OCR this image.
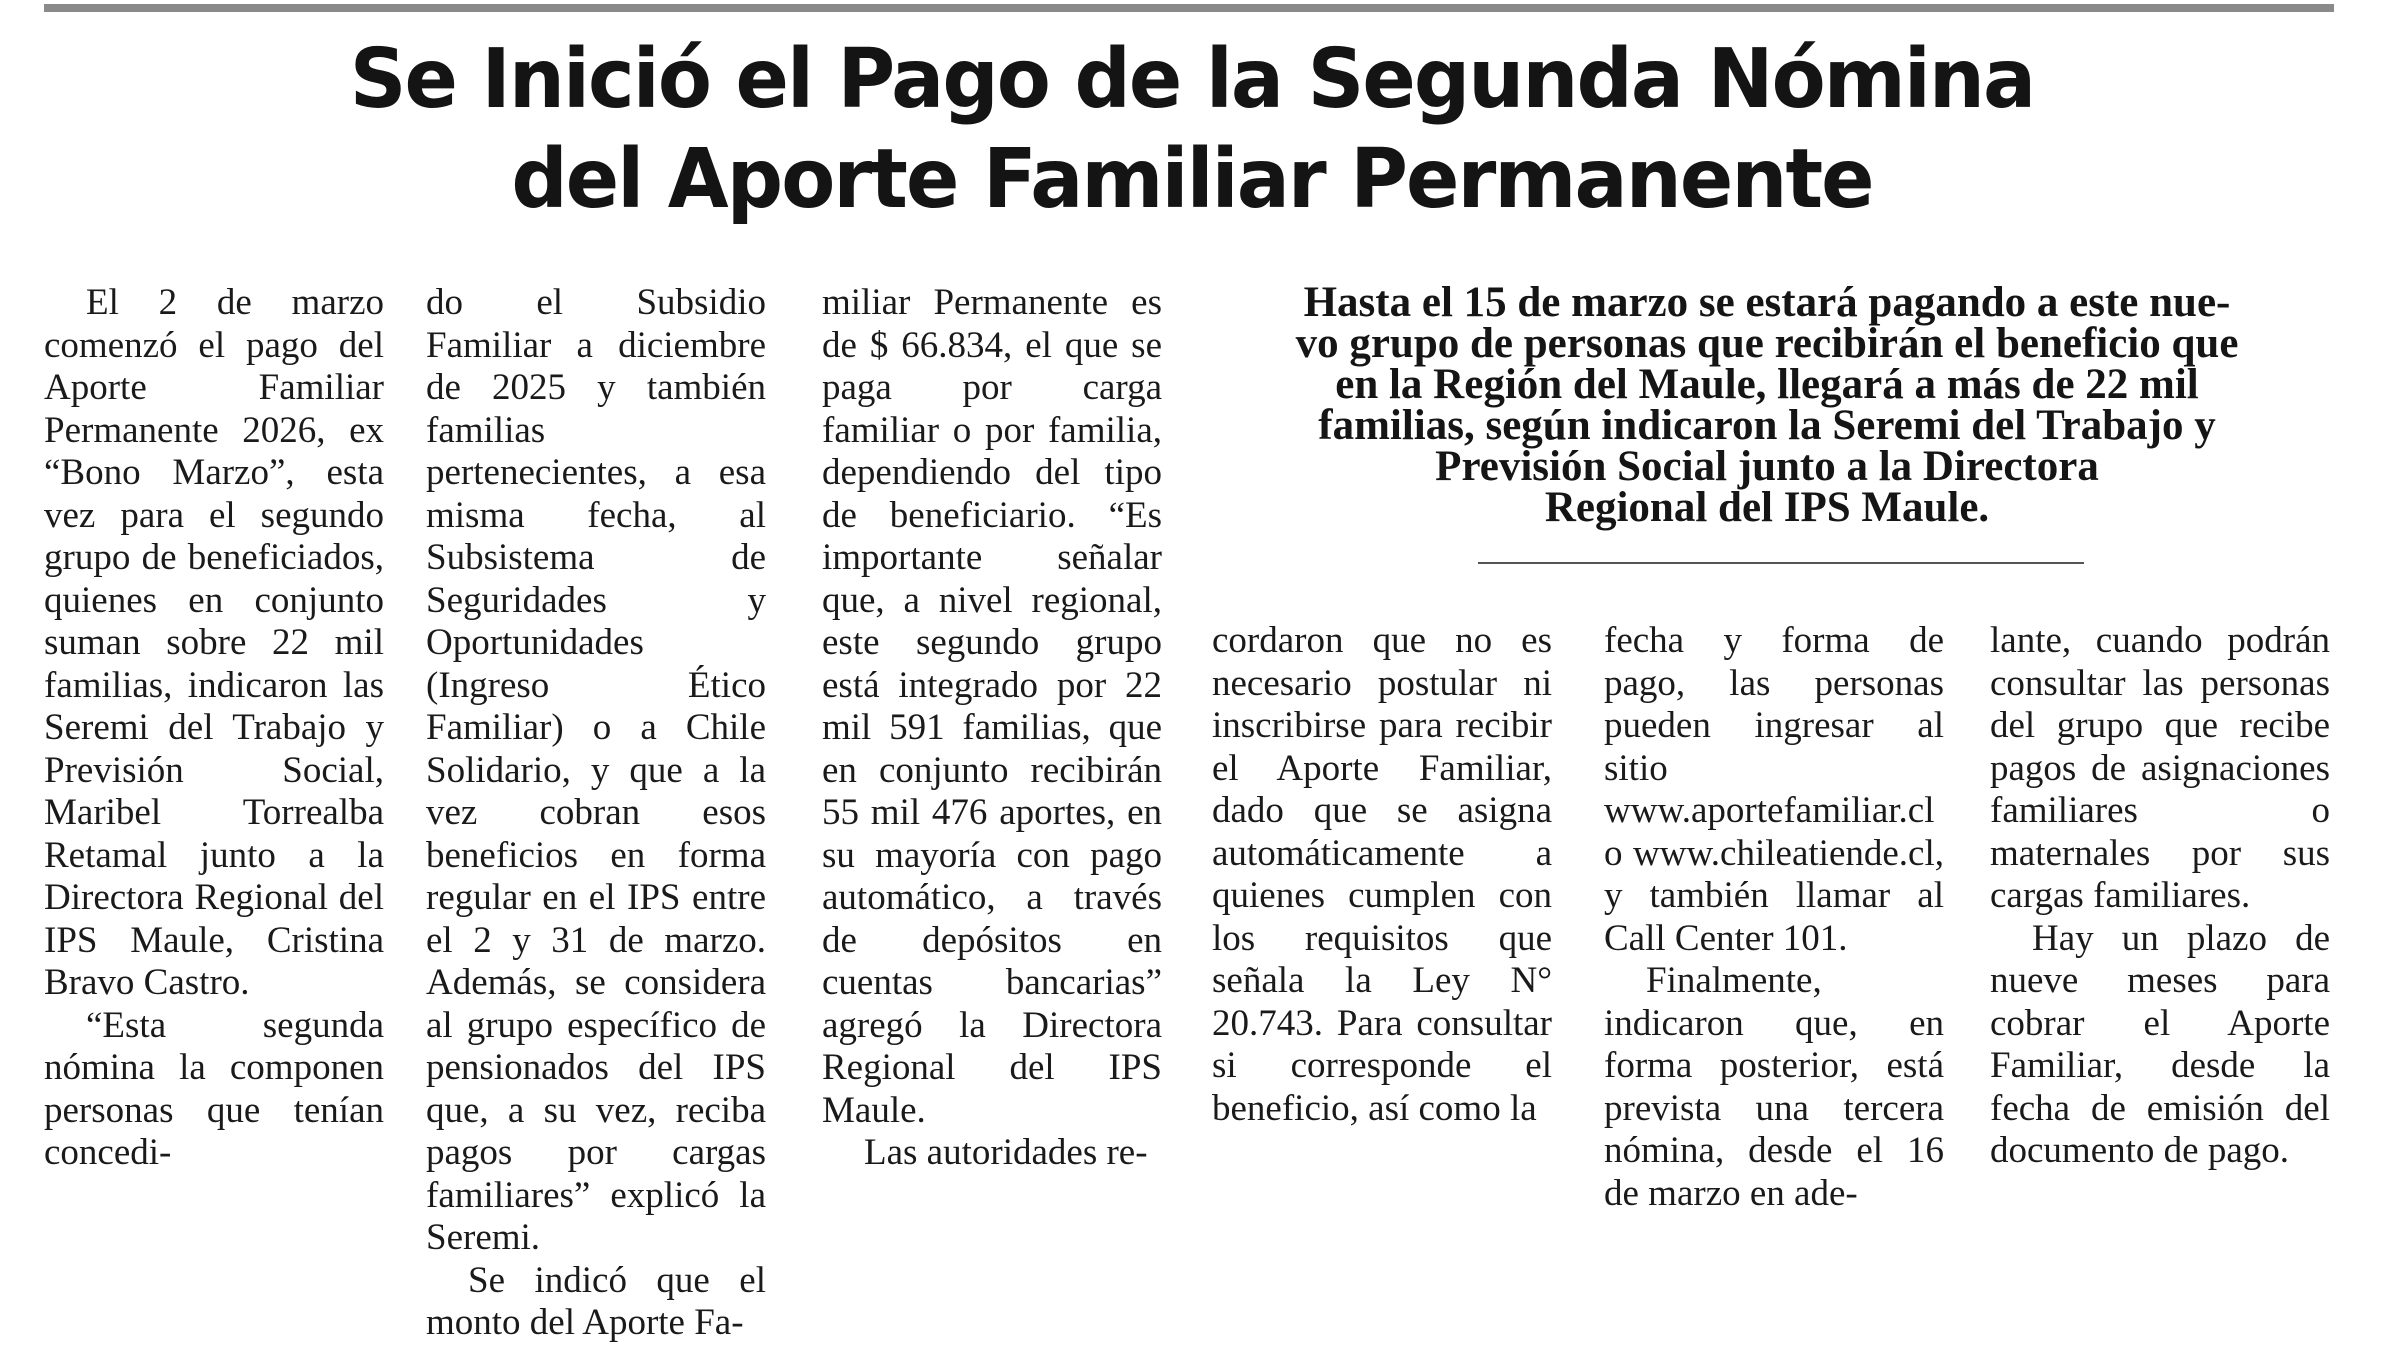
Se Inició el Pago de la Segunda Nómina
del Aporte Familiar Permanente

El 2 de marzo comenzó el pago del Aporte Familiar Permanente 2026, ex “Bono Marzo”, esta vez para el segundo grupo de beneficiados, quienes en conjunto suman sobre 22 mil familias, indicaron las Seremi del Trabajo y Previsión Social, Maribel Torrealba Retamal junto a la Directora Regional del IPS Maule, Cristina Bravo Castro.

“Esta segunda nómina la componen personas que tenían concedi-

do el Subsidio Familiar a diciembre de 2025 y también familias pertenecientes, a esa misma fecha, al Subsistema de Seguridades y Oportunidades (Ingreso Ético Familiar) o a Chile Solidario, y que a la vez cobran esos beneficios en forma regular en el IPS entre el 2 y 31 de marzo. Además, se considera al grupo específico de pensionados del IPS que, a su vez, reciba pagos por cargas familiares” explicó la Seremi.

Se indicó que el monto del Aporte Fa-

miliar Permanente es de $ 66.834, el que se paga por carga familiar o por familia, dependiendo del tipo de beneficiario. “Es importante señalar que, a nivel regional, este segundo grupo está integrado por 22 mil 591 familias, que en conjunto recibirán 55 mil 476 aportes, en su mayoría con pago automático, a través de depósitos en cuentas bancarias” agregó la Directora Regional del IPS Maule.

Las autoridades re-

Hasta el 15 de marzo se estará pagando a este nue-
vo grupo de personas que recibirán el beneficio que
en la Región del Maule, llegará a más de 22 mil
familias, según indicaron la Seremi del Trabajo y
Previsión Social junto a la Directora
Regional del IPS Maule.

cordaron que no es necesario postular ni inscribirse para recibir el Aporte Familiar, dado que se asigna automáticamente a quienes cumplen con los requisitos que señala la Ley N° 20.743. Para consultar si corresponde el beneficio, así como la

fecha y forma de pago, las personas pueden ingresar al sitio www.aportefamiliar.cl o www.chileatiende.cl, y también llamar al Call Center 101.

Finalmente, indicaron que, en forma posterior, está prevista una tercera nómina, desde el 16 de marzo en ade-

lante, cuando podrán consultar las personas del grupo que recibe pagos de asignaciones familiares o maternales por sus cargas familiares.

Hay un plazo de nueve meses para cobrar el Aporte Familiar, desde la fecha de emisión del documento de pago.
